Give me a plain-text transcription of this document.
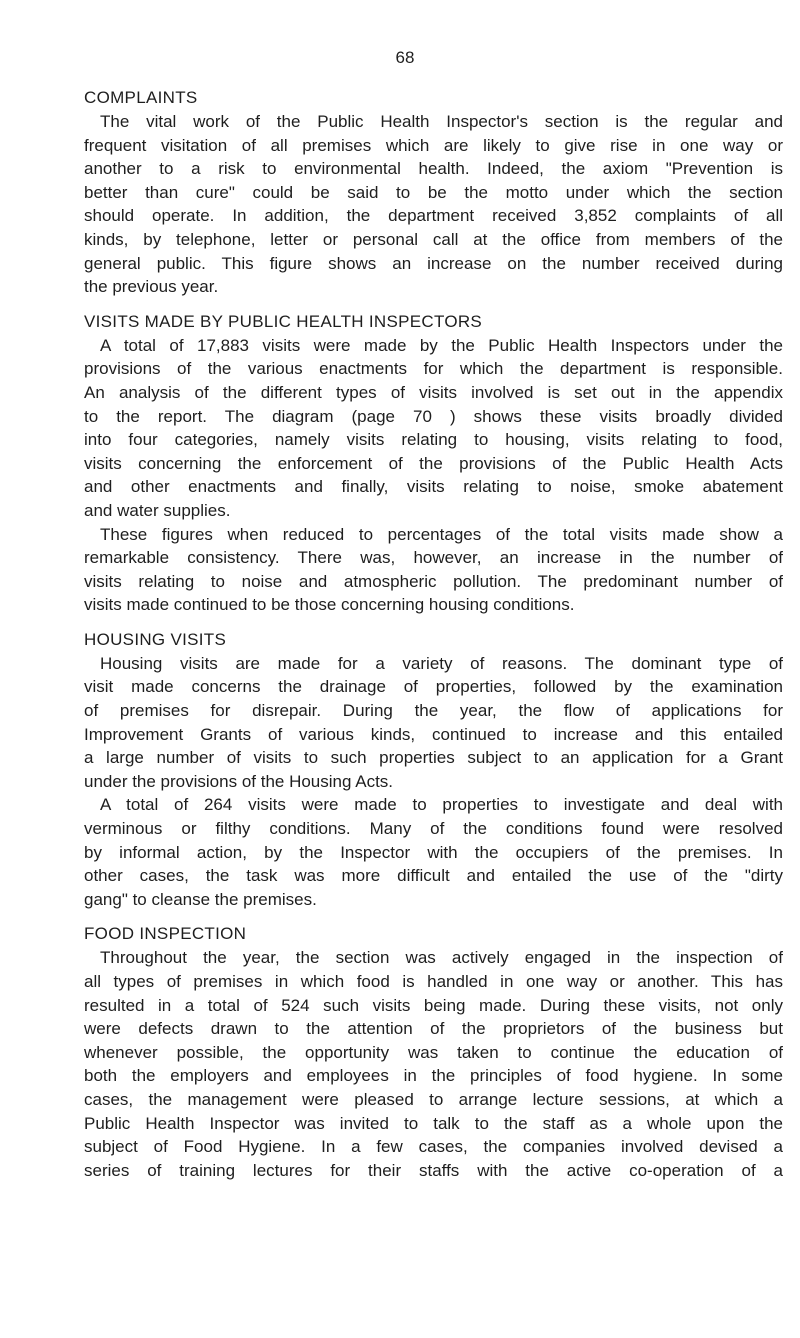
68
COMPLAINTS
The vital work of the Public Health Inspector's section is the regular and
frequent visitation of all premises which are likely to give rise in one way or
another to a risk to environmental health. Indeed, the axiom "Prevention is
better than cure" could be said to be the motto under which the section
should operate. In addition, the department received 3,852 complaints of all
kinds, by telephone, letter or personal call at the office from members of the
general public. This figure shows an increase on the number received during
the previous year.
VISITS MADE BY PUBLIC HEALTH INSPECTORS
A total of 17,883 visits were made by the Public Health Inspectors under the
provisions of the various enactments for which the department is responsible.
An analysis of the different types of visits involved is set out in the appendix
to the report. The diagram (page 70 ) shows these visits broadly divided
into four categories, namely visits relating to housing, visits relating to food,
visits concerning the enforcement of the provisions of the Public Health Acts
and other enactments and finally, visits relating to noise, smoke abatement
and water supplies.
These figures when reduced to percentages of the total visits made show a
remarkable consistency. There was, however, an increase in the number of
visits relating to noise and atmospheric pollution. The predominant number of
visits made continued to be those concerning housing conditions.
HOUSING VISITS
Housing visits are made for a variety of reasons. The dominant type of
visit made concerns the drainage of properties, followed by the examination
of premises for disrepair. During the year, the flow of applications for
Improvement Grants of various kinds, continued to increase and this entailed
a large number of visits to such properties subject to an application for a Grant
under the provisions of the Housing Acts.
A total of 264 visits were made to properties to investigate and deal with
verminous or filthy conditions. Many of the conditions found were resolved
by informal action, by the Inspector with the occupiers of the premises. In
other cases, the task was more difficult and entailed the use of the "dirty
gang" to cleanse the premises.
FOOD INSPECTION
Throughout the year, the section was actively engaged in the inspection of
all types of premises in which food is handled in one way or another. This has
resulted in a total of 524 such visits being made. During these visits, not only
were defects drawn to the attention of the proprietors of the business but
whenever possible, the opportunity was taken to continue the education of
both the employers and employees in the principles of food hygiene. In some
cases, the management were pleased to arrange lecture sessions, at which a
Public Health Inspector was invited to talk to the staff as a whole upon the
subject of Food Hygiene. In a few cases, the companies involved devised a
series of training lectures for their staffs with the active co-operation of a
